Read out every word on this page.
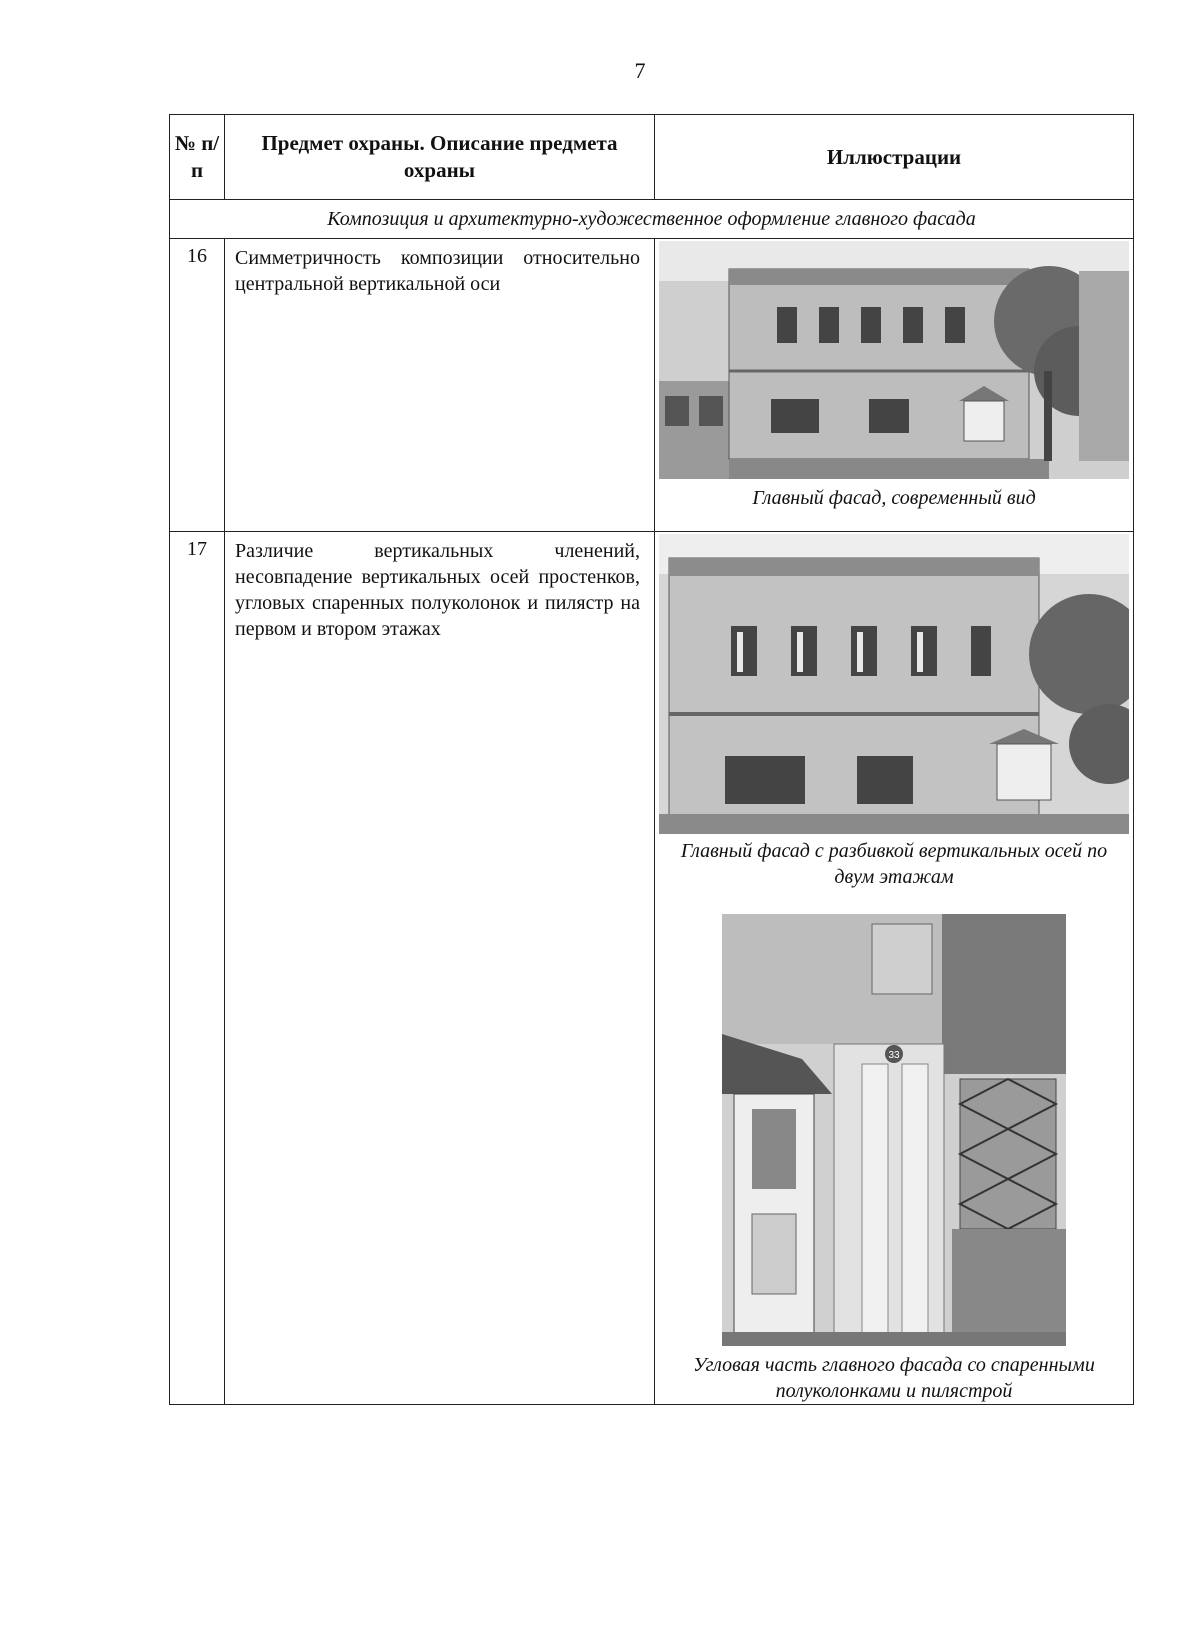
7
№ п/п	Предмет охраны. Описание предмета охраны	Иллюстрации
Композиция и архитектурно-художественное оформление главного фасада		
16	Симметричность композиции относительно центральной вертикальной оси	Главный фасад, современный вид

17	Различие вертикальных членений, несовпадение вертикальных осей простенков, угловых спаренных полуколонок и пилястр на первом и втором этажах	Главный фасад с разбивкой вертикальных осей по двум этажам
33
Угловая часть главного фасада со спаренными полуколонками и пилястрой
